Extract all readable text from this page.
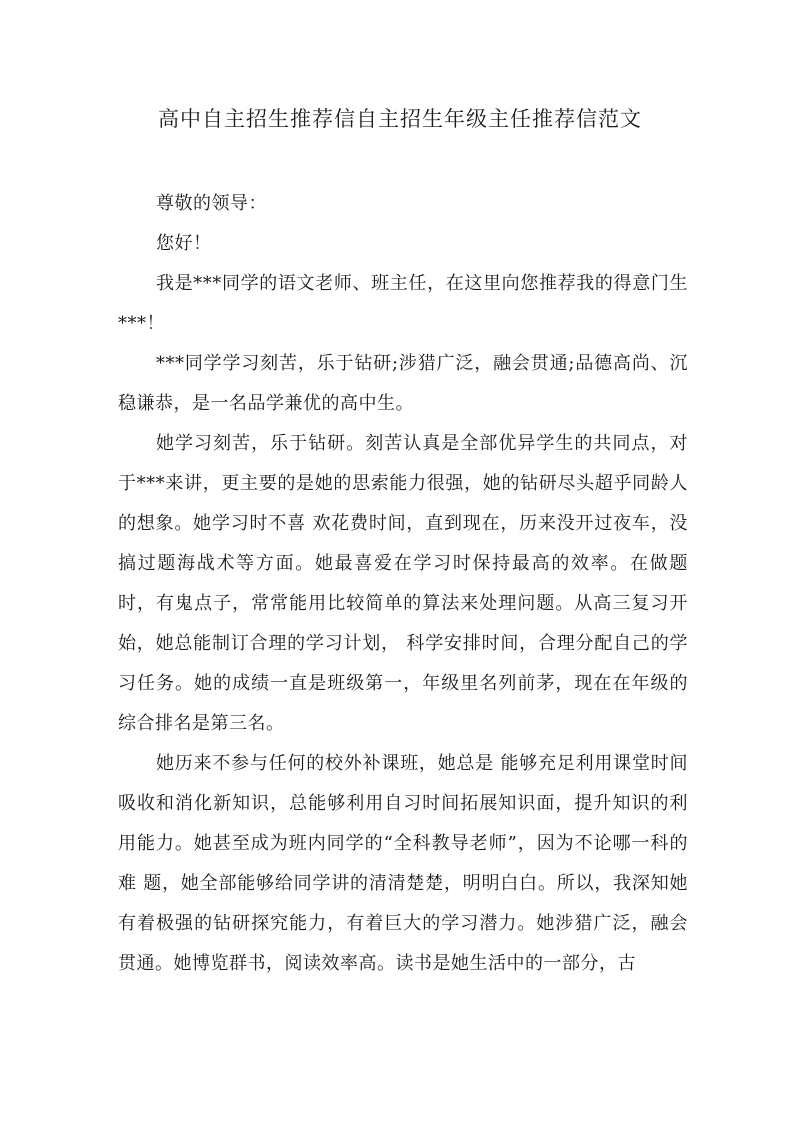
高中自主招生推荐信自主招生年级主任推荐信范文

尊敬的领导：

您好！

我是***同学的语文老师、班主任，在这里向您推荐我的得意门生***！

***同学学习刻苦，乐于钻研;涉猎广泛，融会贯通;品德高尚、沉稳谦恭，是一名品学兼优的高中生。

她学习刻苦，乐于钻研。刻苦认真是全部优异学生的共同点，对于***来讲，更主要的是她的思索能力很强，她的钻研尽头超乎同龄人的想象。她学习时不喜 欢花费时间，直到现在，历来没开过夜车，没搞过题海战术等方面。她最喜爱在学习时保持最高的效率。在做题时，有鬼点子，常常能用比较简单的算法来处理问题。从高三复习开始，她总能制订合理的学习计划， 科学安排时间，合理分配自己的学习任务。她的成绩一直是班级第一，年级里名列前茅，现在在年级的综合排名是第三名。

她历来不参与任何的校外补课班，她总是 能够充足利用课堂时间吸收和消化新知识，总能够利用自习时间拓展知识面，提升知识的利用能力。她甚至成为班内同学的“全科教导老师”，因为不论哪一科的难 题，她全部能够给同学讲的清清楚楚，明明白白。所以，我深知她有着极强的钻研探究能力，有着巨大的学习潜力。她涉猎广泛，融会贯通。她博览群书，阅读效率高。读书是她生活中的一部分，古
